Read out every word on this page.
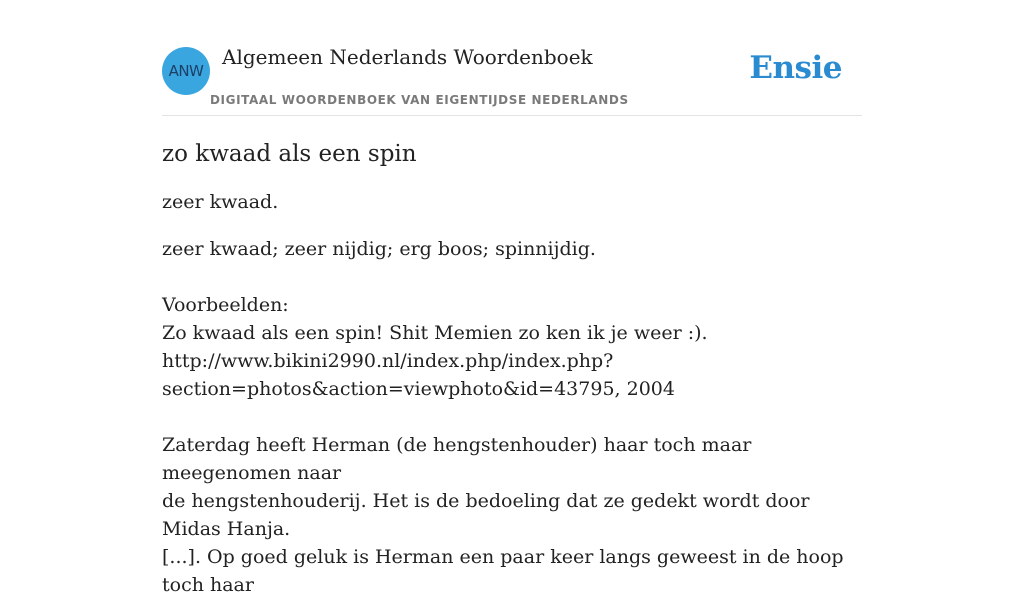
ANW
Algemeen Nederlands Woordenboek
DIGITAAL WOORDENBOEK VAN EIGENTIJDSE NEDERLANDS
Ensie
zo kwaad als een spin

zeer kwaad.

zeer kwaad; zeer nijdig; erg boos; spinnijdig.

Voorbeelden:

Zo kwaad als een spin! Shit Memien zo ken ik je weer :).

http://www.bikini2990.nl/index.php/index.php?

section=photos&action=viewphoto&id=43795, 2004

Zaterdag heeft Herman (de hengstenhouder) haar toch maar meegenomen naar

de hengstenhouderij. Het is de bedoeling dat ze gedekt wordt door Midas Hanja.

[...]. Op goed geluk is Herman een paar keer langs geweest in de hoop toch haar
